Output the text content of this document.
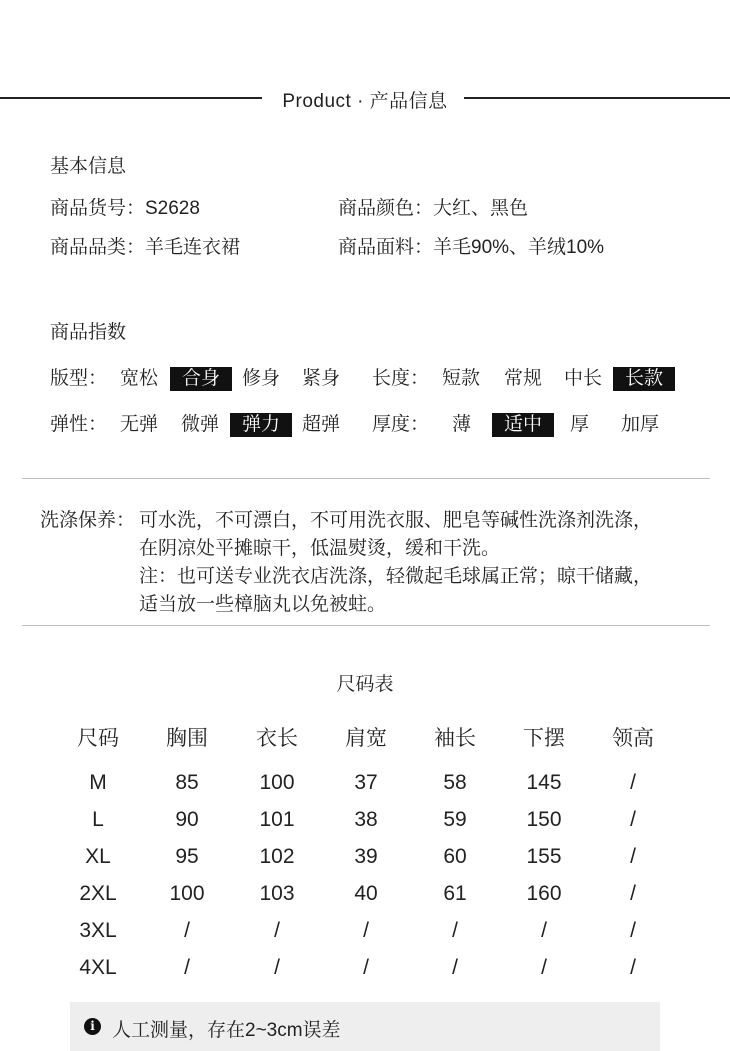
Product · 产品信息
基本信息
商品货号：S2628	商品颜色：大红、黑色
商品品类：羊毛连衣裙	商品面料：羊毛90%、羊绒10%
商品指数
版型： 宽松	合身	修身 紧身 长度： 短款 常规 中长	长款
弹性： 无弹 微弹	弹力	超弹 厚度： 薄	适中	厚 加厚
洗涤保养： 可水洗，不可漂白，不可用洗衣服、肥皂等碱性洗涤剂洗涤，
在阴凉处平摊晾干，低温熨烫，缓和干洗。
注：也可送专业洗衣店洗涤，轻微起毛球属正常；晾干储藏，
适当放一些樟脑丸以免被蛀。
尺码表
尺码	胸围	衣长	肩宽	袖长	下摆	领高
M	85	100	37	58	145	/
L	90	101	38	59	150	/
XL	95	102	39	60	155	/
2XL	100	103	40	61	160	/
3XL	/	/	/	/	/	/
4XL	/	/	/	/	/	/
i 人工测量，存在2~3cm误差
